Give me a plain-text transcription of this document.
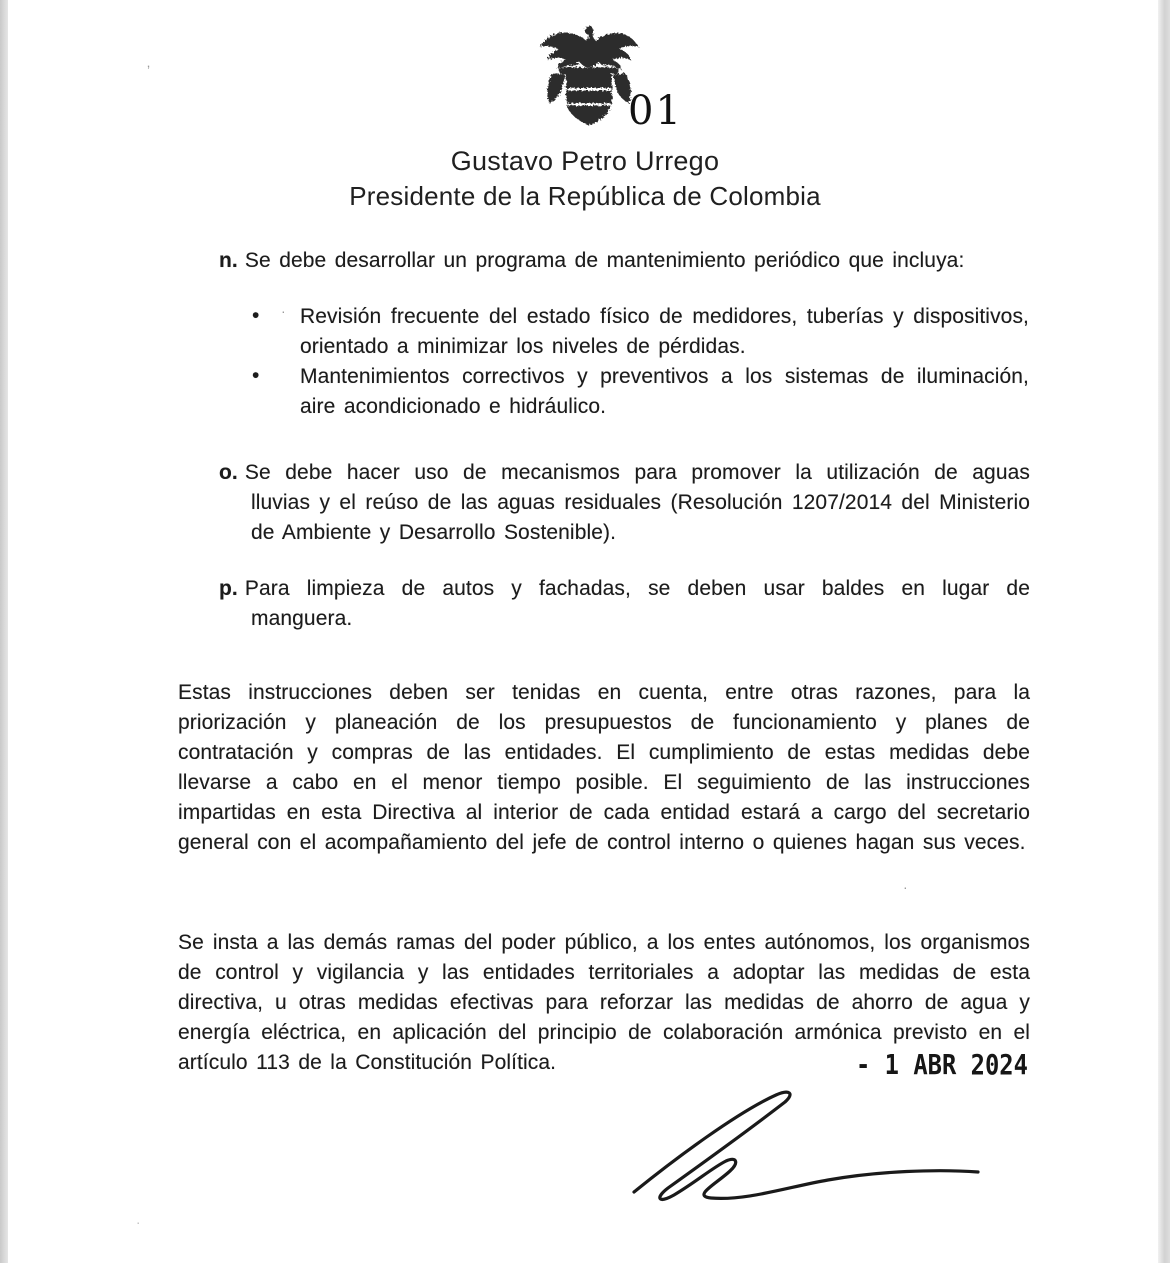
01
Gustavo Petro Urrego
Presidente de la República de Colombia
n. Se debe desarrollar un programa de mantenimiento periódico que incluya:
• Revisión frecuente del estado físico de medidores, tuberías y dispositivos, orientado a minimizar los niveles de pérdidas.
• Mantenimientos correctivos y preventivos a los sistemas de iluminación, aire acondicionado e hidráulico.
o. Se debe hacer uso de mecanismos para promover la utilización de aguas lluvias y el reúso de las aguas residuales (Resolución 1207/2014 del Ministerio de Ambiente y Desarrollo Sostenible).
p. Para limpieza de autos y fachadas, se deben usar baldes en lugar de manguera.
Estas instrucciones deben ser tenidas en cuenta, entre otras razones, para la priorización y planeación de los presupuestos de funcionamiento y planes de contratación y compras de las entidades. El cumplimiento de estas medidas debe llevarse a cabo en el menor tiempo posible. El seguimiento de las instrucciones impartidas en esta Directiva al interior de cada entidad estará a cargo del secretario general con el acompañamiento del jefe de control interno o quienes hagan sus veces.
Se insta a las demás ramas del poder público, a los entes autónomos, los organismos de control y vigilancia y las entidades territoriales a adoptar las medidas de esta directiva, u otras medidas efectivas para reforzar las medidas de ahorro de agua y energía eléctrica, en aplicación del principio de colaboración armónica previsto en el artículo 113 de la Constitución Política.	- 1 ABR 2024
ʼ
·
·
⋅
